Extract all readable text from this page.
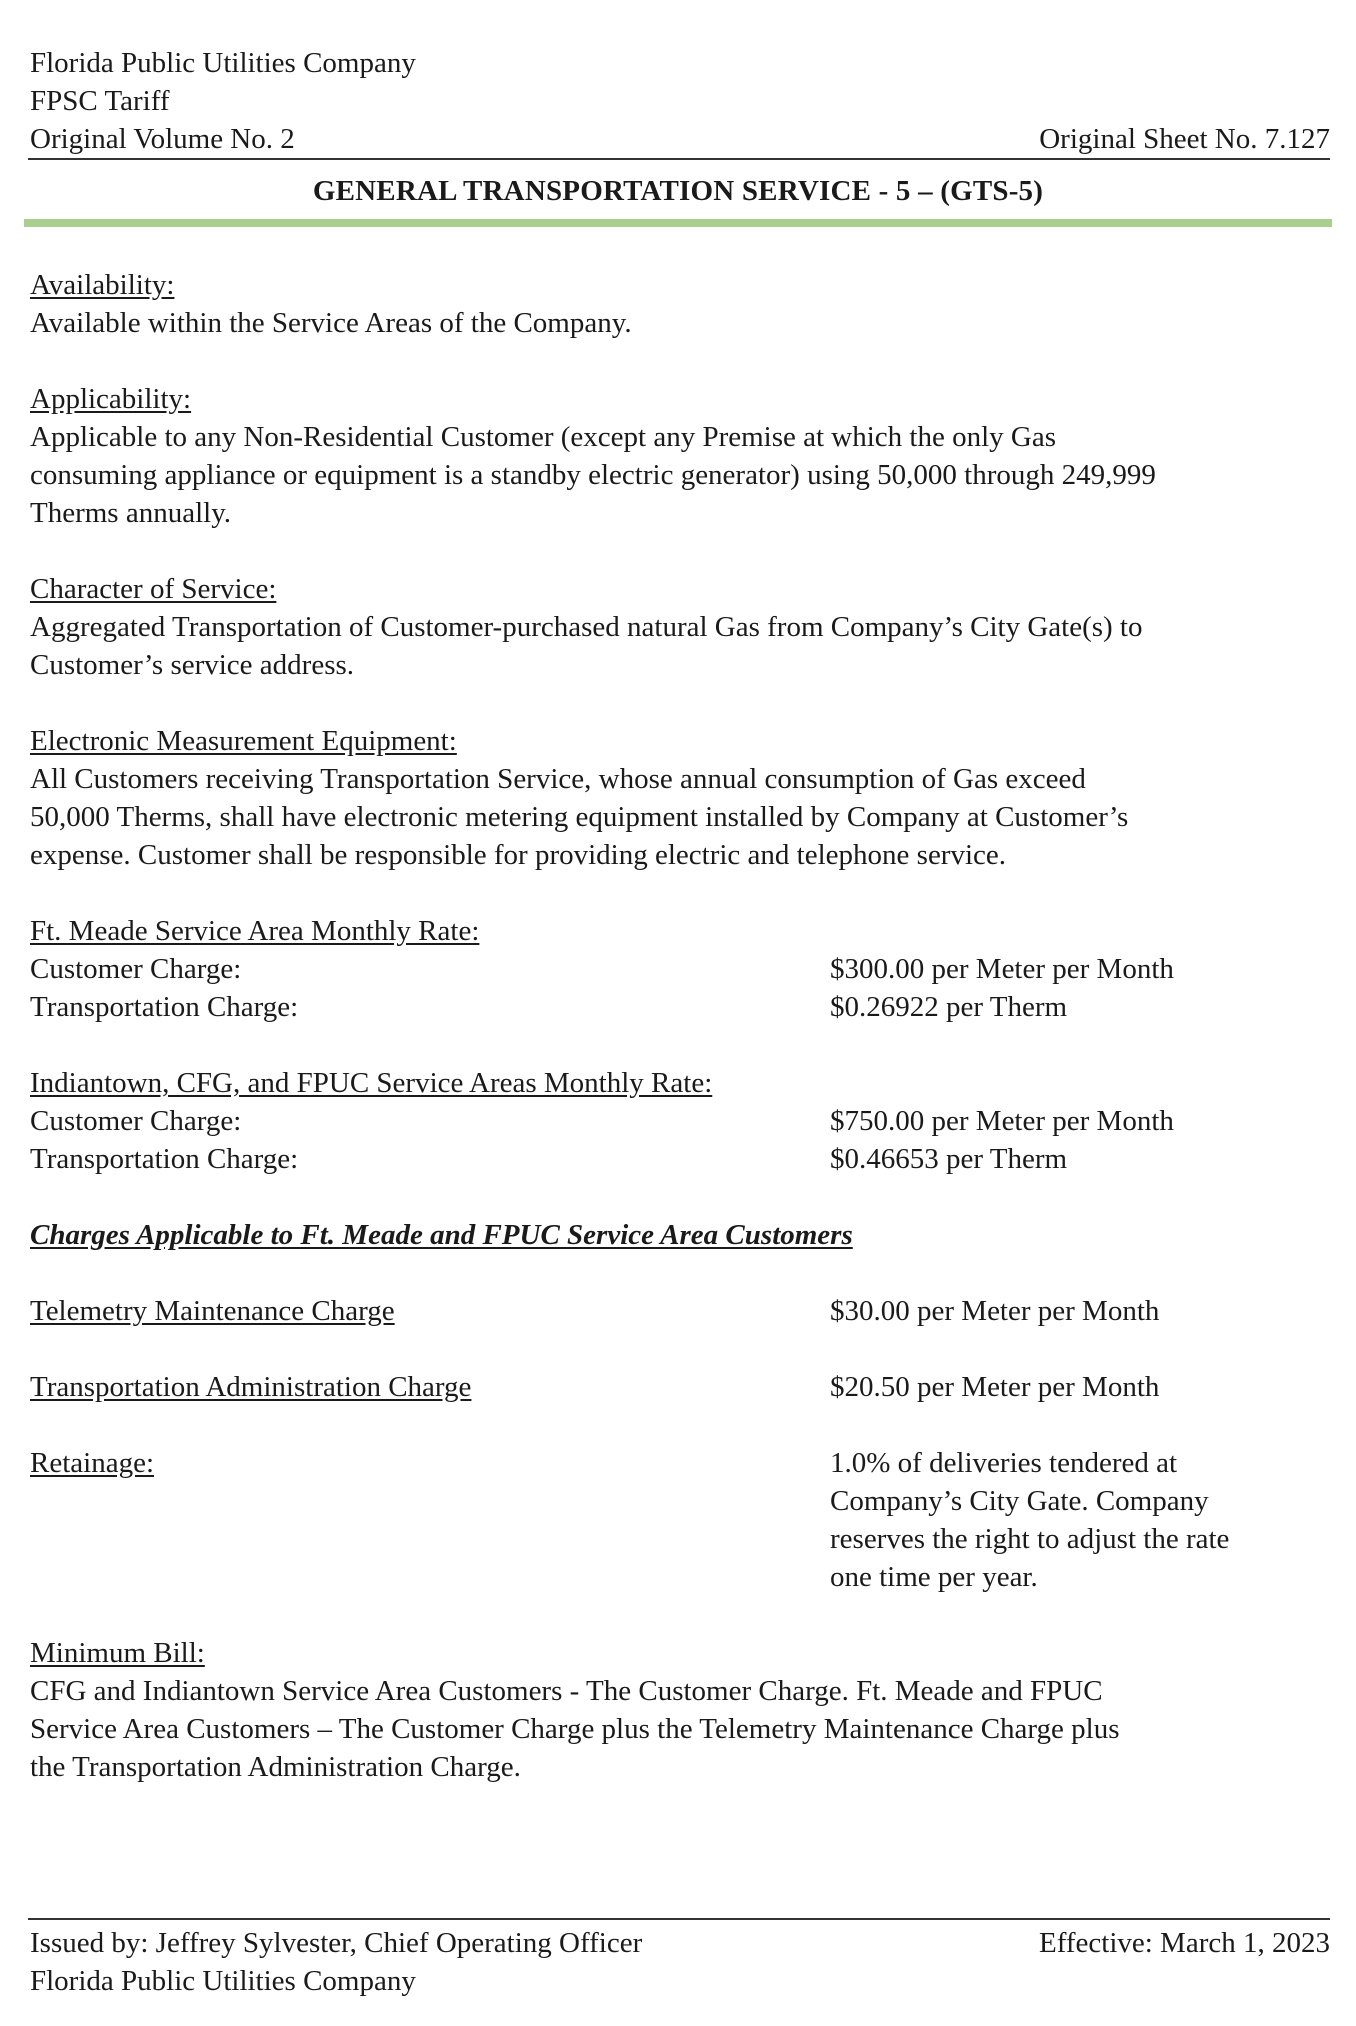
Florida Public Utilities Company
FPSC Tariff
Original Volume No. 2	Original Sheet No. 7.127
GENERAL TRANSPORTATION SERVICE - 5 – (GTS-5)
Availability:
Available within the Service Areas of the Company.
Applicability:
Applicable to any Non-Residential Customer (except any Premise at which the only Gas
consuming appliance or equipment is a standby electric generator) using 50,000 through 249,999
Therms annually.
Character of Service:
Aggregated Transportation of Customer-purchased natural Gas from Company’s City Gate(s) to
Customer’s service address.
Electronic Measurement Equipment:
All Customers receiving Transportation Service, whose annual consumption of Gas exceed
50,000 Therms, shall have electronic metering equipment installed by Company at Customer’s
expense. Customer shall be responsible for providing electric and telephone service.
Ft. Meade Service Area Monthly Rate:
Customer Charge:	$300.00 per Meter per Month
Transportation Charge:	$0.26922 per Therm
Indiantown, CFG, and FPUC Service Areas Monthly Rate:
Customer Charge:	$750.00 per Meter per Month
Transportation Charge:	$0.46653 per Therm
Charges Applicable to Ft. Meade and FPUC Service Area Customers
Telemetry Maintenance Charge	$30.00 per Meter per Month
Transportation Administration Charge	$20.50 per Meter per Month
Retainage:	1.0% of deliveries tendered at
Company’s City Gate. Company
reserves the right to adjust the rate
one time per year.
Minimum Bill:
CFG and Indiantown Service Area Customers - The Customer Charge. Ft. Meade and FPUC
Service Area Customers – The Customer Charge plus the Telemetry Maintenance Charge plus
the Transportation Administration Charge.
Issued by: Jeffrey Sylvester, Chief Operating Officer	Effective: March 1, 2023
Florida Public Utilities Company
